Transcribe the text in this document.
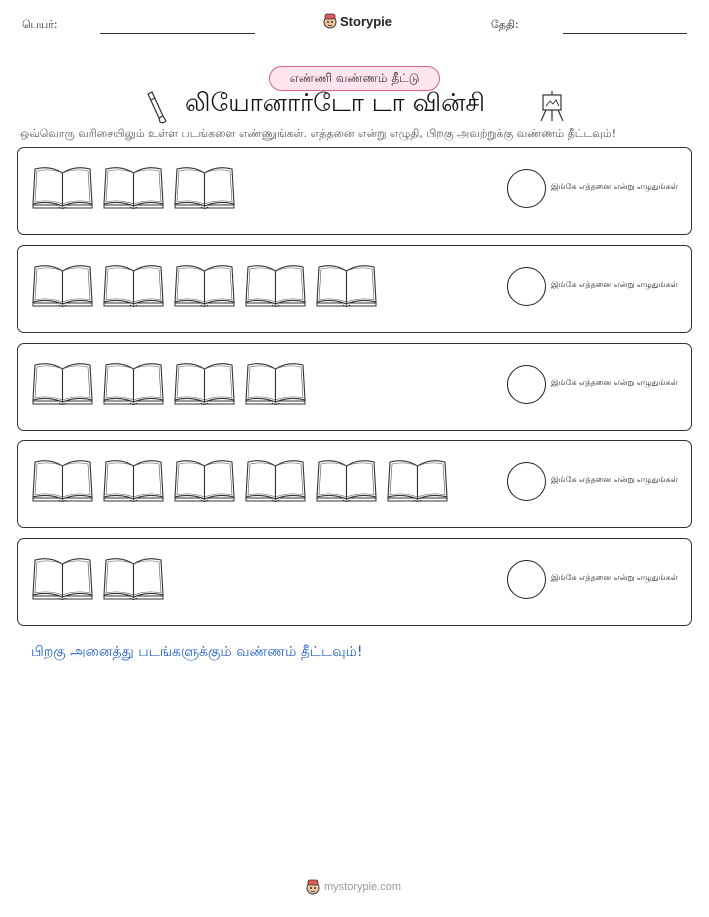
பெயர்:	Storypie	தேதி:
எண்ணி வண்ணம் தீட்டு
லியோனார்டோ டா வின்சி
ஒவ்வொரு வரிசையிலும் உள்ள படங்களை எண்ணுங்கள். எத்தனை என்று எழுதி, பிறகு அவற்றுக்கு வண்ணம் தீட்டவும்!
இங்கே எத்தனை என்று எழுதுங்கள்
இங்கே எத்தனை என்று எழுதுங்கள்
இங்கே எத்தனை என்று எழுதுங்கள்
இங்கே எத்தனை என்று எழுதுங்கள்
இங்கே எத்தனை என்று எழுதுங்கள்
பிறகு அனைத்து படங்களுக்கும் வண்ணம் தீட்டவும்!
mystorypie.com
